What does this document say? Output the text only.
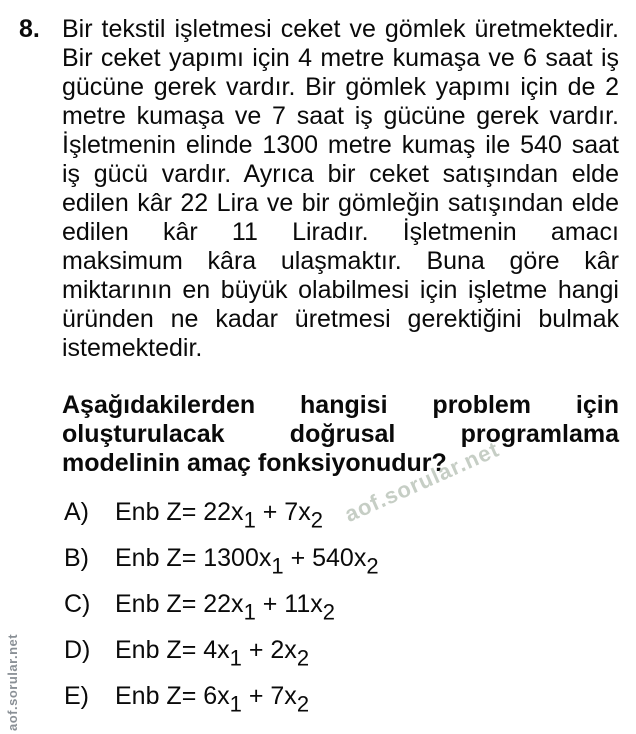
8. Bir tekstil işletmesi ceket ve gömlek üretmektedir.
Bir ceket yapımı için 4 metre kumaşa ve 6 saat iş
gücüne gerek vardır. Bir gömlek yapımı için de 2
metre kumaşa ve 7 saat iş gücüne gerek vardır.
İşletmenin elinde 1300 metre kumaş ile 540 saat
iş gücü vardır. Ayrıca bir ceket satışından elde
edilen kâr 22 Lira ve bir gömleğin satışından elde
edilen kâr 11 Liradır. İşletmenin amacı
maksimum kâra ulaşmaktır. Buna göre kâr
miktarının en büyük olabilmesi için işletme hangi
üründen ne kadar üretmesi gerektiğini bulmak
istemektedir.
Aşağıdakilerden hangisi problem için
oluşturulacak doğrusal programlama
modelinin amaç fonksiyonudur?
A)	Enb $Z= 22x_1 + 7x_2$
B)	Enb $Z= 1300x_1 + 540x_2$
C) Enb $Z= 22x_1 + 11x_2$
D) Enb $Z= 4x_1 + 2x_2$
E)	Enb $Z= 6x_1 + 7x_2$
aof.sorular.net
aof.sorular.net
